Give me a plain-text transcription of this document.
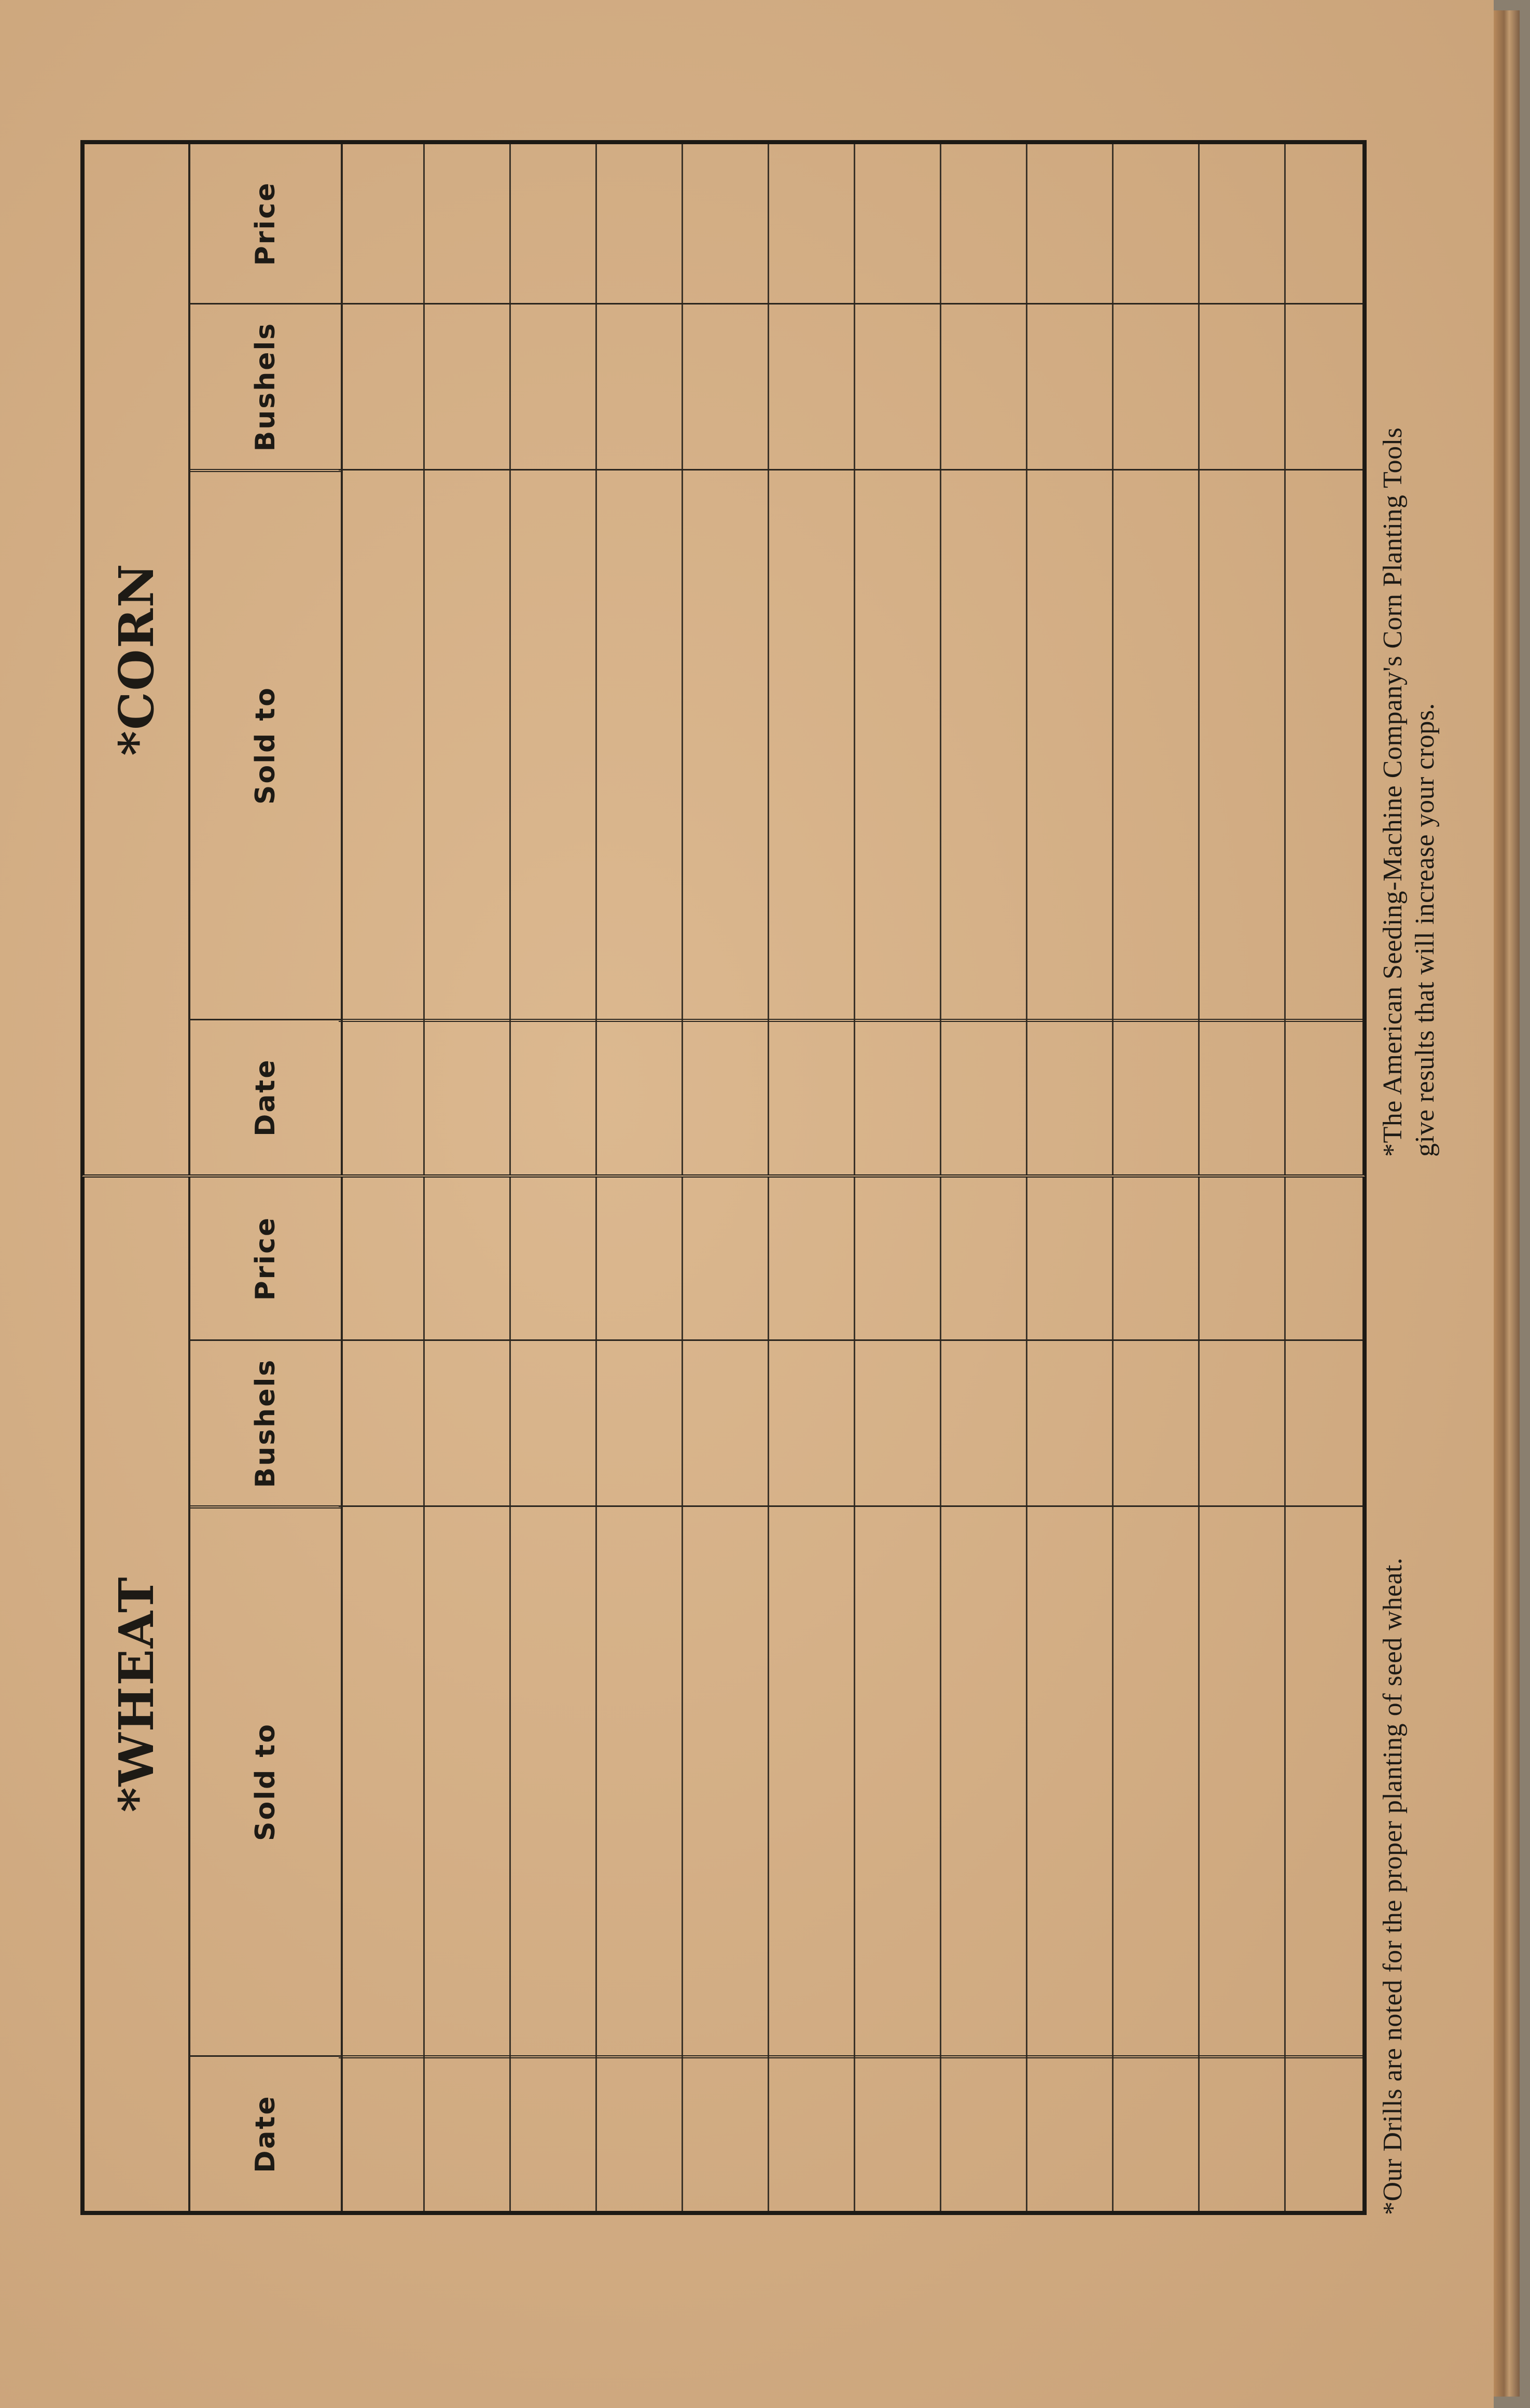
*WHEAT
Date
Sold to
Bushels
Price
*CORN
Date
Sold to
Bushels
Price
*Our Drills are noted for the proper planting of seed wheat.
*The American Seeding-Machine Company's Corn Planting Tools give results that will increase your crops.
